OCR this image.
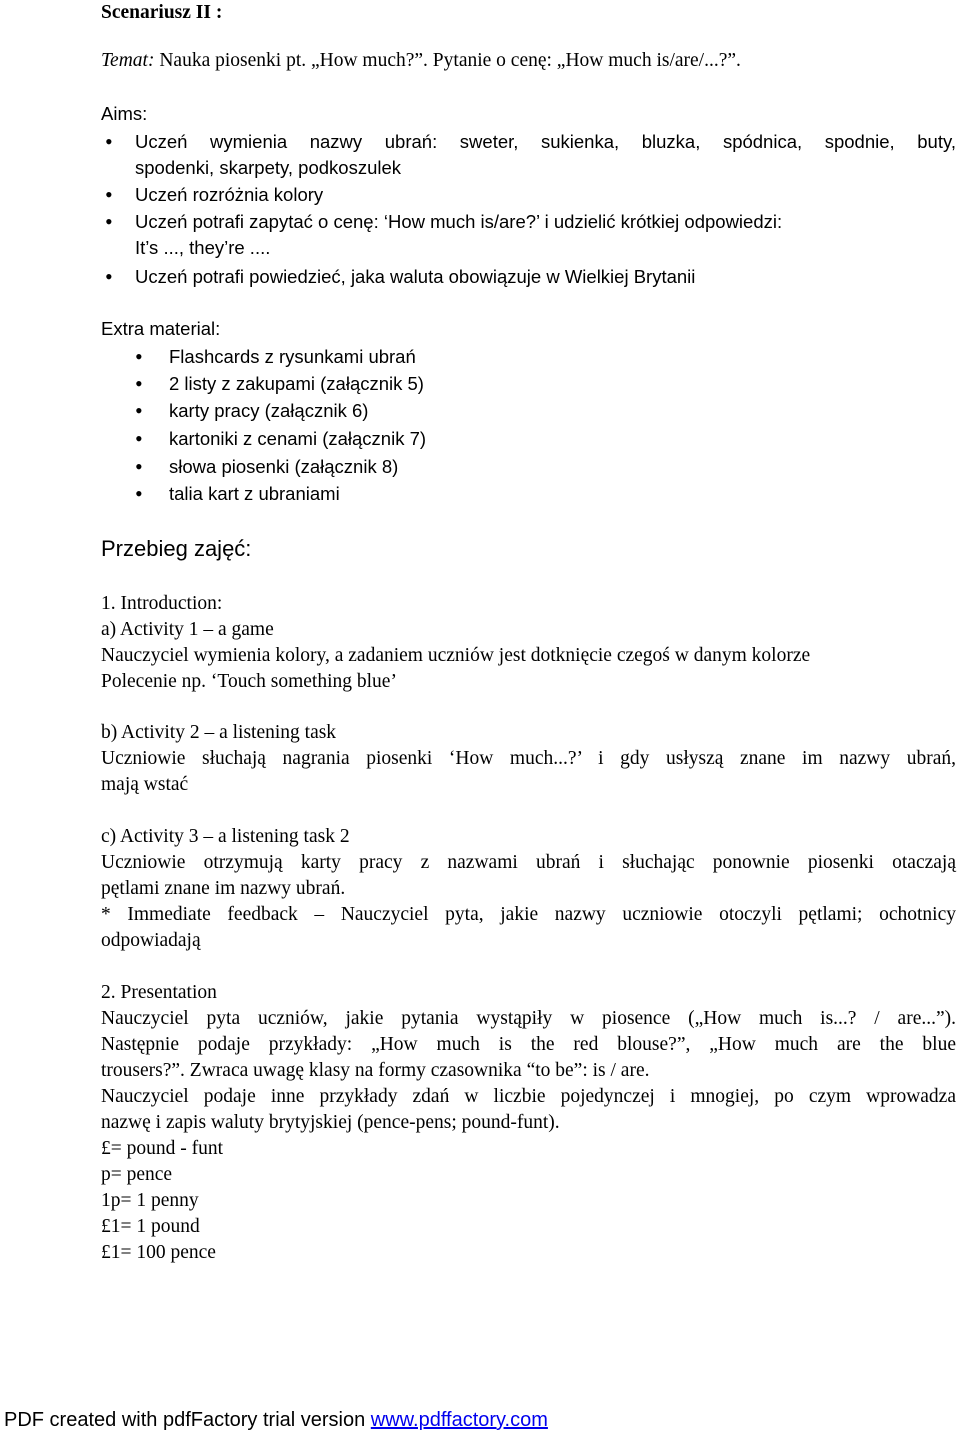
Scenariusz II :
Temat: Nauka piosenki pt. „How much?”. Pytanie o cenę: „How much is/are/...?”.
Aims:
• Uczeń wymienia nazwy ubrań: sweter, sukienka, bluzka, spódnica, spodnie, buty,
spodenki, skarpety, podkoszulek
• Uczeń rozróżnia kolory
• Uczeń potrafi zapytać o cenę: ‘How much is/are?’ i udzielić krótkiej odpowiedzi:
It’s ..., they’re ....
• Uczeń potrafi powiedzieć, jaka waluta obowiązuje w Wielkiej Brytanii
Extra material:
• Flashcards z rysunkami ubrań
• 2 listy z zakupami (załącznik 5)
• karty pracy (załącznik 6)
• kartoniki z cenami (załącznik 7)
• słowa piosenki (załącznik 8)
• talia kart z ubraniami
Przebieg zajęć:
1. Introduction:
a) Activity 1 – a game
Nauczyciel wymienia kolory, a zadaniem uczniów jest dotknięcie czegoś w danym kolorze
Polecenie np. ‘Touch something blue’
b) Activity 2 – a listening task
Uczniowie słuchają nagrania piosenki ‘How much...?’ i gdy usłyszą znane im nazwy ubrań,
mają wstać
c) Activity 3 – a listening task 2
Uczniowie otrzymują karty pracy z nazwami ubrań i słuchając ponownie piosenki otaczają
pętlami znane im nazwy ubrań.
* Immediate feedback – Nauczyciel pyta, jakie nazwy uczniowie otoczyli pętlami; ochotnicy
odpowiadają
2. Presentation
Nauczyciel pyta uczniów, jakie pytania wystąpiły w piosence („How much is...? / are...”).
Następnie podaje przykłady: „How much is the red blouse?”, „How much are the blue
trousers?”. Zwraca uwagę klasy na formy czasownika “to be”: is / are.
Nauczyciel podaje inne przykłady zdań w liczbie pojedynczej i mnogiej, po czym wprowadza
nazwę i zapis waluty brytyjskiej (pence-pens; pound-funt).
£= pound - funt
p= pence
1p= 1 penny
£1= 1 pound
£1= 100 pence
PDF created with pdfFactory trial version www.pdffactory.com
